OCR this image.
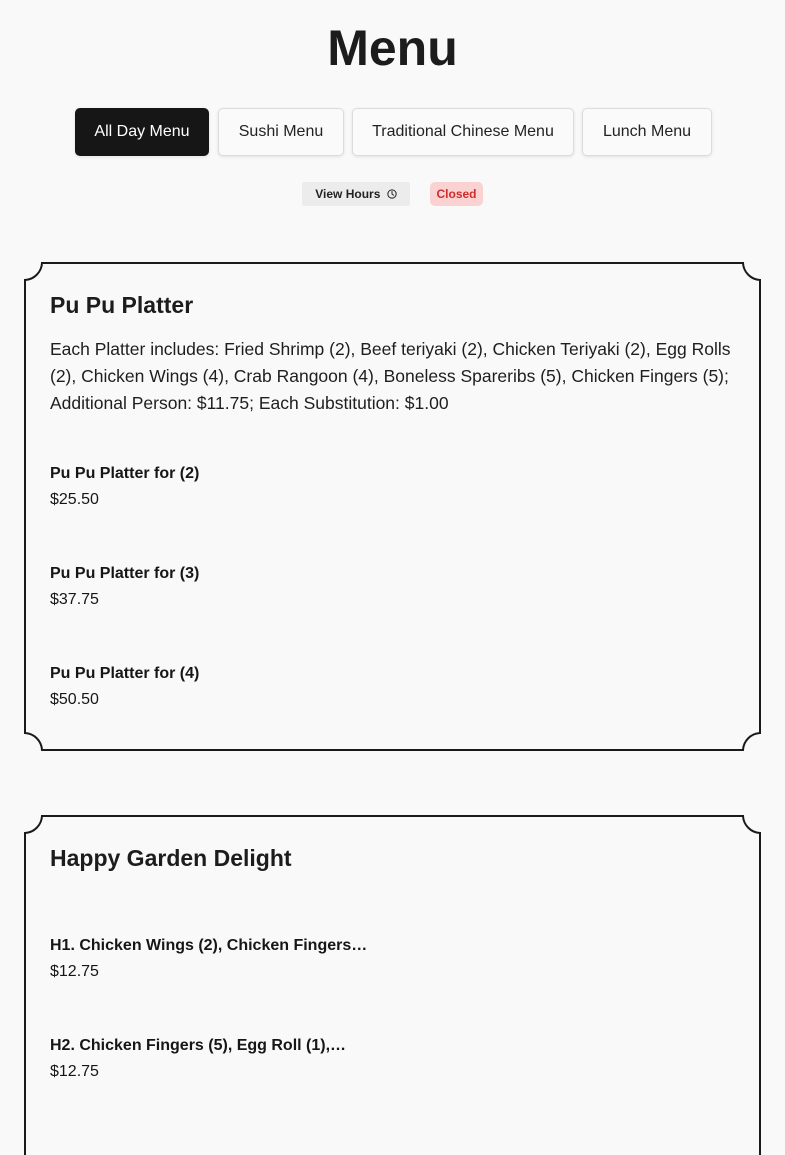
Menu
All Day Menu	Sushi Menu	Traditional Chinese Menu	Lunch Menu
View Hours	Closed
Pu Pu Platter
Each Platter includes: Fried Shrimp (2), Beef teriyaki (2), Chicken Teriyaki (2), Egg Rolls (2), Chicken Wings (4), Crab Rangoon (4), Boneless Spareribs (5), Chicken Fingers (5); Additional Person: $11.75; Each Substitution: $1.00
Pu Pu Platter for (2)
$25.50
Pu Pu Platter for (3)
$37.75
Pu Pu Platter for (4)
$50.50
Happy Garden Delight
H1. Chicken Wings (2), Chicken Fingers…
$12.75
H2. Chicken Fingers (5), Egg Roll (1),…
$12.75
